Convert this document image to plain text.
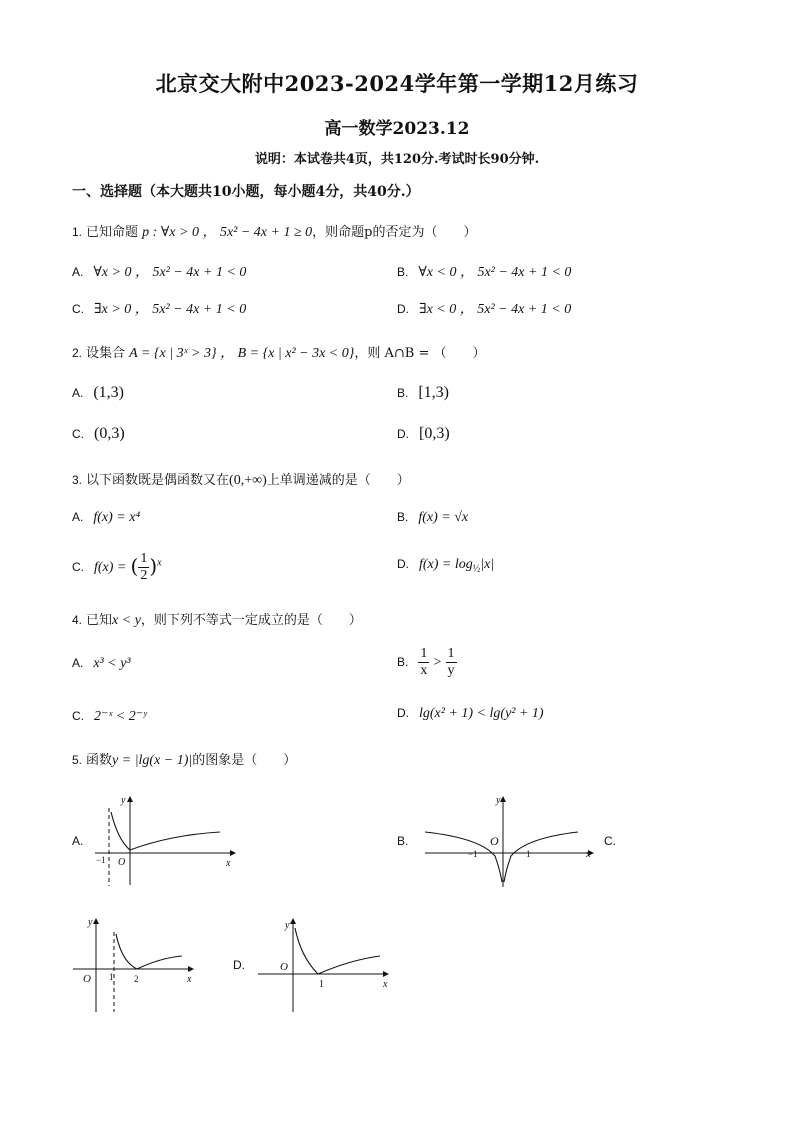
北京交大附中2023-2024学年第一学期12月练习
高一数学2023.12
说明：本试卷共4页，共120分.考试时长90分钟.
一、选择题（本大题共10小题，每小题4分，共40分.）
1. 已知命题 p : ∀x > 0 ， 5x² − 4x + 1 ≥ 0，则命题p的否定为（　　）
A. ∀x > 0 ， 5x² − 4x + 1 < 0	B. ∀x < 0 ， 5x² − 4x + 1 < 0
C. ∃x > 0 ， 5x² − 4x + 1 < 0	D. ∃x < 0 ， 5x² − 4x + 1 < 0
2. 设集合 A = {x | 3ˣ > 3} ， B = {x | x² − 3x < 0}，则 A∩B = （　　）
A. (1,3)	B. [1,3)
C. (0,3)	D. [0,3)
3. 以下函数既是偶函数又在(0,+∞)上单调递减的是（　　）
A. f(x) = x⁴	B. f(x) = √x
C. f(x) = ( $\frac{1}{2} )^x$	D. $f(x) = \log_{\frac{1}{2}}|x|$
4. 已知x < y，则下列不等式一定成立的是（　　）
A. x³ < y³	B. $\frac{1}{x} > \frac{1}{y}$
C. 2⁻ˣ < 2⁻ʸ	D. lg(x² + 1) < lg(y² + 1)
5. 函数y = |lg(x − 1)|的图象是（　　）
A.
y
x
O
−1
B.
y
x
O
−1	1
C.
y
x
O 1 2
D.
y
x
O
1
